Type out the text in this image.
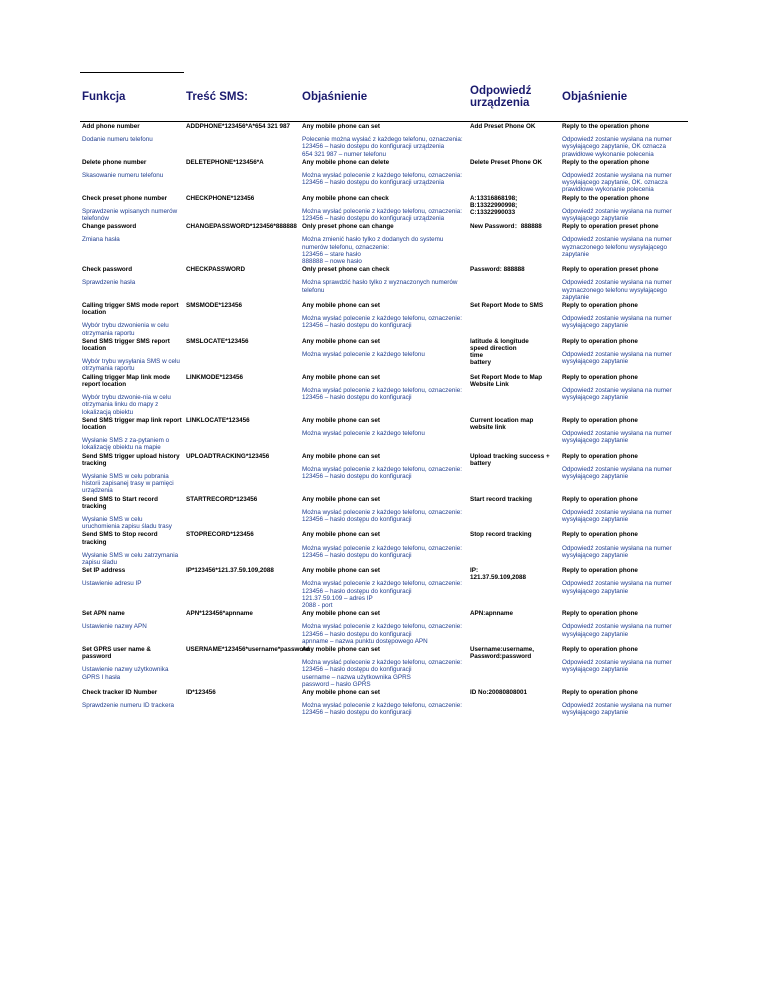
Funkcja	Treść SMS:	Objaśnienie	Odpowiedź urządzenia	Objaśnienie

Add phone number
Dodanie numeru telefonu	ADDPHONE*123456*A*654 321 987	Any mobile phone can set
Polecenie można wysłać z każdego telefonu, oznaczenia:
123456 – hasło dostępu do konfiguracji urządzenia
654 321 987 – numer telefonu	Add Preset Phone OK	Reply to the operation phone
Odpowiedź zostanie wysłana na numer wysyłającego zapytanie, OK oznacza prawidłowe wykonanie polecenia

Delete phone number
Skasowanie numeru telefonu	DELETEPHONE*123456*A	Any mobile phone can delete
Można wysłać polecenie z każdego telefonu, oznaczenia:
123456 – hasło dostępu do konfiguracji urządzenia	Delete Preset Phone OK	Reply to the operation phone
Odpowiedź zostanie wysłana na numer wysyłającego zapytanie, OK. oznacza prawidłowe wykonanie polecenia

Check preset phone number
Sprawdzenie wpisanych numerów telefonów	CHECKPHONE*123456	Any mobile phone can check
Można wysłać polecenie z każdego telefonu, oznaczenia:
123456 – hasło dostępu do konfiguracji urządzenia	A:13316868198;
B:13322990998;
C:13322990033	Reply to the operation phone
Odpowiedź zostanie wysłana na numer wysyłającego zapytanie

Change password
Zmiana hasła	CHANGEPASSWORD*123456*888888	Only preset phone can change
Można zmienić hasło tylko z dodanych do systemu numerów telefonu, oznaczenie:
123456 – stare hasło
888888 – nowe hasło	New Password：888888	Reply to operation preset phone
Odpowiedź zostanie wysłana na numer wyznaczonego telefonu wysyłającego zapytanie

Check password
Sprawdzenie hasła	CHECKPASSWORD	Only preset phone can check
Można sprawdzić hasło tylko z wyznaczonych numerów telefonu	Password: 888888	Reply to operation preset phone
Odpowiedź zostanie wysłana na numer wyznaczonego telefonu wysyłającego zapytanie

Calling trigger SMS mode report location
Wybór trybu dzwonienia w celu otrzymania raportu	SMSMODE*123456	Any mobile phone can set
Można wysłać polecenie z każdego telefonu, oznaczenie:
123456 – hasło dostępu do konfiguracji	Set Report Mode to SMS	Reply to operation phone
Odpowiedź zostanie wysłana na numer wysyłającego zapytanie

Send SMS trigger SMS report location
Wybór trybu wysyłania SMS w celu otrzymania raportu	SMSLOCATE*123456	Any mobile phone can set
Można wysłać polecenie z każdego telefonu	latitude & longitude
speed direction
time
battery	Reply to operation phone
Odpowiedź zostanie wysłana na numer wysyłającego zapytanie

Calling trigger Map link mode report location
Wybór trybu dzwonie-nia w celu otrzymania linku do mapy z lokalizacją obiektu	LINKMODE*123456	Any mobile phone can set
Można wysłać polecenie z każdego telefonu, oznaczenie:
123456 – hasło dostępu do konfiguracji	Set Report Mode to Map Website Link	Reply to operation phone
Odpowiedź zostanie wysłana na numer wysyłającego zapytanie

Send SMS trigger map link report location
Wysłanie SMS z za-pytaniem o lokalizację obiektu na mapie	LINKLOCATE*123456	Any mobile phone can set
Można wysłać polecenie z każdego telefonu	Current location map website link	Reply to operation phone
Odpowiedź zostanie wysłana na numer wysyłającego zapytanie

Send SMS trigger upload history tracking
Wysłanie SMS w celu pobrania historii zapisanej trasy w pamięci urządzenia	UPLOADTRACKING*123456	Any mobile phone can set
Można wysłać polecenie z każdego telefonu, oznaczenie:
123456 – hasło dostępu do konfiguracji	Upload tracking success + battery	Reply to operation phone
Odpowiedź zostanie wysłana na numer wysyłającego zapytanie

Send SMS to Start record tracking
Wysłanie SMS w celu uruchomienia zapisu śladu trasy	STARTRECORD*123456	Any mobile phone can set
Można wysłać polecenie z każdego telefonu, oznaczenie:
123456 – hasło dostępu do konfiguracji	Start record tracking	Reply to operation phone
Odpowiedź zostanie wysłana na numer wysyłającego zapytanie

Send SMS to Stop record tracking
Wysłanie SMS w celu zatrzymania zapisu śladu	STOPRECORD*123456	Any mobile phone can set
Można wysłać polecenie z każdego telefonu, oznaczenie:
123456 – hasło dostępu do konfiguracji	Stop record tracking	Reply to operation phone
Odpowiedź zostanie wysłana na numer wysyłającego zapytanie

Set IP address
Ustawienie adresu IP	IP*123456*121.37.59.109,2088	Any mobile phone can set
Można wysłać polecenie z każdego telefonu, oznaczenie:
123456 – hasło dostępu do konfiguracji
121.37.59.109 – adres IP
2088 - port	IP:
121.37.59.109,2088	Reply to operation phone
Odpowiedź zostanie wysłana na numer wysyłającego zapytanie

Set APN name
Ustawienie nazwy APN	APN*123456*apnname	Any mobile phone can set
Można wysłać polecenie z każdego telefonu, oznaczenie:
123456 – hasło dostępu do konfiguracji
apnname – nazwa punktu dostępowego APN	APN:apnname	Reply to operation phone
Odpowiedź zostanie wysłana na numer wysyłającego zapytanie

Set GPRS user name & password
Ustawienie nazwy użytkownika GPRS I hasła	USERNAME*123456*username*password	Any mobile phone can set
Można wysłać polecenie z każdego telefonu, oznaczenie:
123456 – hasło dostępu do konfiguracji
username – nazwa użytkownika GPRS
password – hasło GPRS	Username:username,
Password:password	Reply to operation phone
Odpowiedź zostanie wysłana na numer wysyłającego zapytanie

Check tracker ID Number
Sprawdzenie numeru ID trackera	ID*123456	Any mobile phone can set
Można wysłać polecenie z każdego telefonu, oznaczenie:
123456 – hasło dostępu do konfiguracji	ID No:20080808001	Reply to operation phone
Odpowiedź zostanie wysłana na numer wysyłającego zapytanie
